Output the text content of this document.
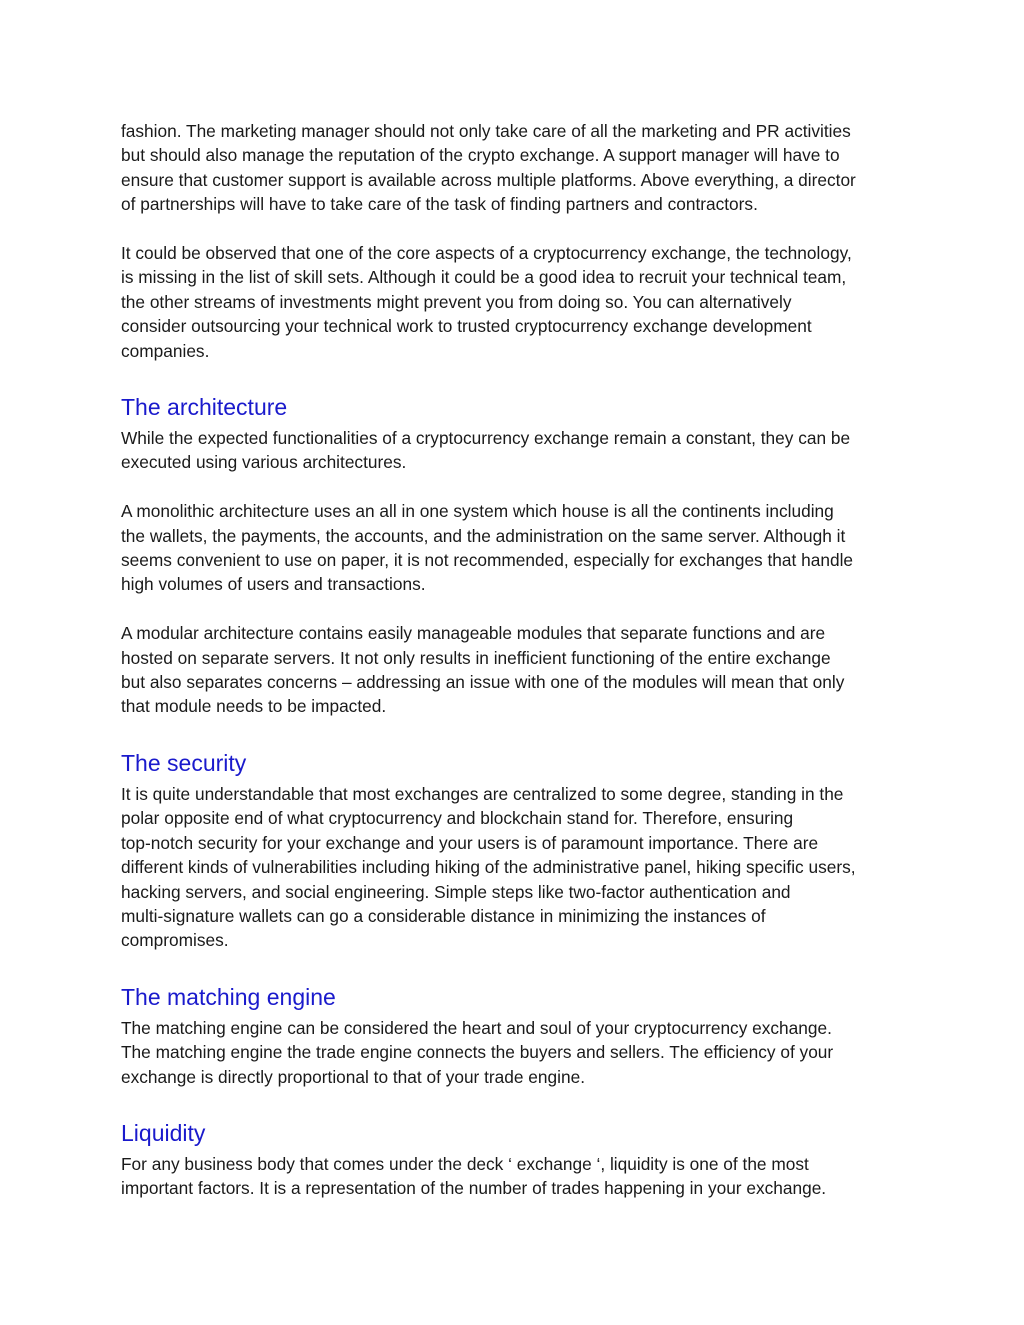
fashion. The marketing manager should not only take care of all the marketing and PR activities
but should also manage the reputation of the crypto exchange. A support manager will have to
ensure that customer support is available across multiple platforms. Above everything, a director
of partnerships will have to take care of the task of finding partners and contractors.

It could be observed that one of the core aspects of a cryptocurrency exchange, the technology,
is missing in the list of skill sets. Although it could be a good idea to recruit your technical team,
the other streams of investments might prevent you from doing so. You can alternatively
consider outsourcing your technical work to trusted cryptocurrency exchange development
companies.

The architecture

While the expected functionalities of a cryptocurrency exchange remain a constant, they can be
executed using various architectures.

A monolithic architecture uses an all in one system which house is all the continents including
the wallets, the payments, the accounts, and the administration on the same server. Although it
seems convenient to use on paper, it is not recommended, especially for exchanges that handle
high volumes of users and transactions.

A modular architecture contains easily manageable modules that separate functions and are
hosted on separate servers. It not only results in inefficient functioning of the entire exchange
but also separates concerns – addressing an issue with one of the modules will mean that only
that module needs to be impacted.

The security

It is quite understandable that most exchanges are centralized to some degree, standing in the
polar opposite end of what cryptocurrency and blockchain stand for. Therefore, ensuring
top-notch security for your exchange and your users is of paramount importance. There are
different kinds of vulnerabilities including hiking of the administrative panel, hiking specific users,
hacking servers, and social engineering. Simple steps like two-factor authentication and
multi-signature wallets can go a considerable distance in minimizing the instances of
compromises.

The matching engine

The matching engine can be considered the heart and soul of your cryptocurrency exchange.
The matching engine the trade engine connects the buyers and sellers. The efficiency of your
exchange is directly proportional to that of your trade engine.

Liquidity

For any business body that comes under the deck ‘ exchange ‘, liquidity is one of the most
important factors. It is a representation of the number of trades happening in your exchange.
